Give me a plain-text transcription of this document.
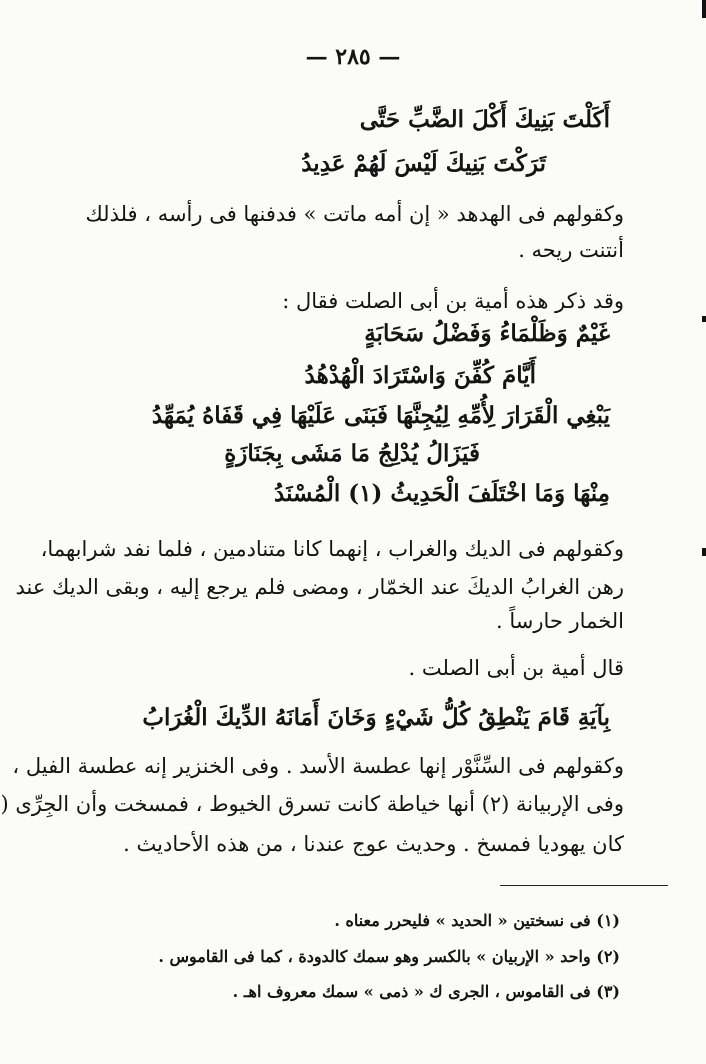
— ٢٨٥ —
أَكَلْتَ بَنِيكَ أَكْلَ الضَّبِّ حَتَّى
تَرَكْتَ بَنِيكَ لَيْسَ لَهُمْ عَدِيدُ
وكقولهم فى الهدهد « إن أمه ماتت » فدفنها فى رأسه ، فلذلك
أنتنت ريحه .
وقد ذكر هذه أمية بن أبى الصلت فقال :
غَيْمٌ وَظَلْمَاءُ وَفَضْلُ سَحَابَةٍ
أَيَّامَ كُفِّنَ وَاسْتَرَادَ الْهُدْهُدُ
يَبْغِي الْقَرَارَ لِأُمِّهِ لِيُجِنَّهَا فَبَنَى عَلَيْهَا فِي قَفَاهُ يُمَهِّدُ
فَيَزَالُ يُدْلِجُ مَا مَشَى بِجَنَازَةٍ
مِنْهَا وَمَا اخْتَلَفَ الْحَدِيثُ (١) الْمُسْنَدُ
وكقولهم فى الديك والغراب ، إنهما كانا متنادمين ، فلما نفد شرابهما،
رهن الغرابُ الديكَ عند الخمّار ، ومضى فلم يرجع إليه ، وبقى الديك عند
الخمار حارساً .
قال أمية بن أبى الصلت .
بِآيَةِ قَامَ يَنْطِقُ كُلُّ شَيْءٍ وَخَانَ أَمَانَهُ الدِّيكَ الْغُرَابُ
وكقولهم فى السِّنَّوْر إنها عطسة الأسد . وفى الخنزير إنه عطسة الفيل ،
وفى الإربيانة (٢) أنها خياطة كانت تسرق الخيوط ، فمسخت وأن الجِرِّى (
كان يهوديا فمسخ . وحديث عوج عندنا ، من هذه الأحاديث .
(١) فى نسختين « الحديد » فليحرر معناه .
(٢) واحد « الإربيان » بالكسر وهو سمك كالدودة ، كما فى القاموس .
(٣) فى القاموس ، الجرى ك « ذمى » سمك معروف اهـ .
